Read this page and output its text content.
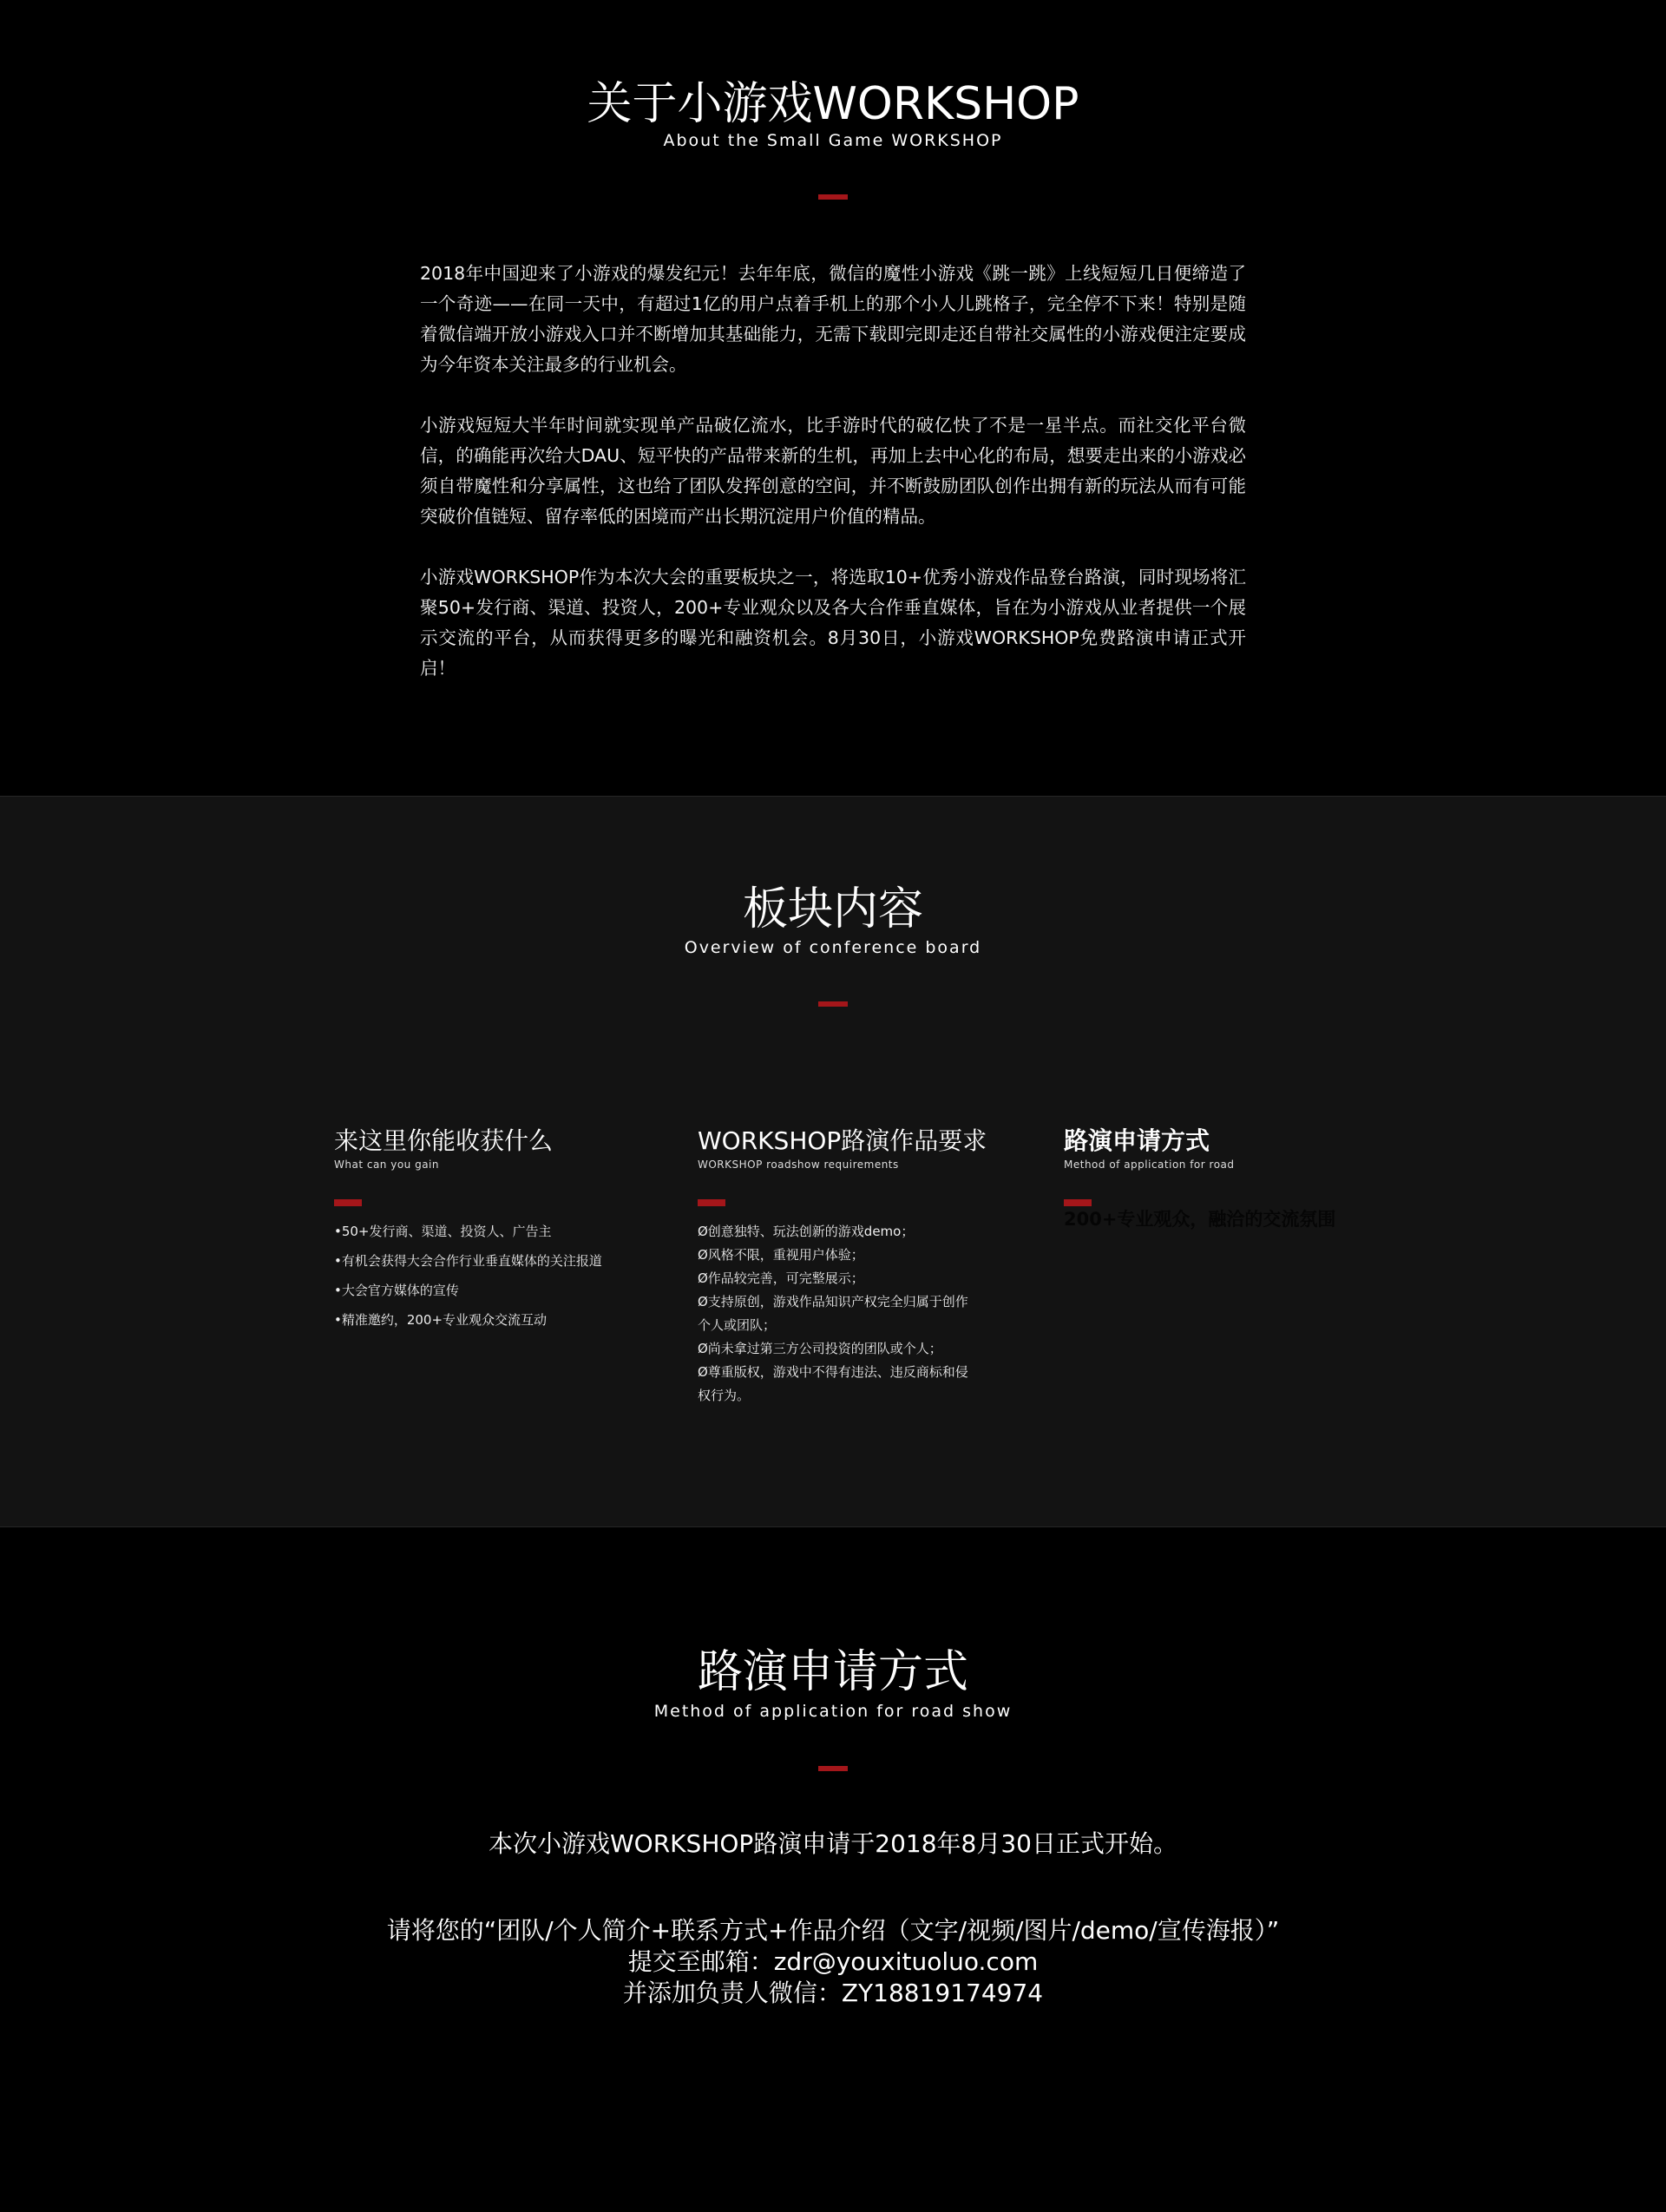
关于小游戏WORKSHOP
About the Small Game WORKSHOP

2018年中国迎来了小游戏的爆发纪元！去年年底，微信的魔性小游戏《跳一跳》上线短短几日便缔造了一个奇迹——在同一天中，有超过1亿的用户点着手机上的那个小人儿跳格子，完全停不下来！特别是随着微信端开放小游戏入口并不断增加其基础能力，无需下载即完即走还自带社交属性的小游戏便注定要成为今年资本关注最多的行业机会。

小游戏短短大半年时间就实现单产品破亿流水，比手游时代的破亿快了不是一星半点。而社交化平台微信，的确能再次给大DAU、短平快的产品带来新的生机，再加上去中心化的布局，想要走出来的小游戏必须自带魔性和分享属性，这也给了团队发挥创意的空间，并不断鼓励团队创作出拥有新的玩法从而有可能突破价值链短、留存率低的困境而产出长期沉淀用户价值的精品。

小游戏WORKSHOP作为本次大会的重要板块之一，将选取10+优秀小游戏作品登台路演，同时现场将汇聚50+发行商、渠道、投资人，200+专业观众以及各大合作垂直媒体，旨在为小游戏从业者提供一个展示交流的平台，从而获得更多的曝光和融资机会。8月30日，小游戏WORKSHOP免费路演申请正式开启！

板块内容
Overview of conference board
来这里你能收获什么
What can you gain
•50+发行商、渠道、投资人、广告主
•有机会获得大会合作行业垂直媒体的关注报道
•大会官方媒体的宣传
•精准邀约，200+专业观众交流互动
WORKSHOP路演作品要求
WORKSHOP roadshow requirements
Ø创意独特、玩法创新的游戏demo；
Ø风格不限，重视用户体验；
Ø作品较完善，可完整展示；
Ø支持原创，游戏作品知识产权完全归属于创作个人或团队；
Ø尚未拿过第三方公司投资的团队或个人；
Ø尊重版权，游戏中不得有违法、违反商标和侵权行为。
路演申请方式
Method of application for road
200+专业观众，融洽的交流氛围
路演申请方式
Method of application for road show
本次小游戏WORKSHOP路演申请于2018年8月30日正式开始。
请将您的“团队/个人简介+联系方式+作品介绍（文字/视频/图片/demo/宣传海报）”
提交至邮箱：zdr@youxituoluo.com
并添加负责人微信：ZY18819174974
